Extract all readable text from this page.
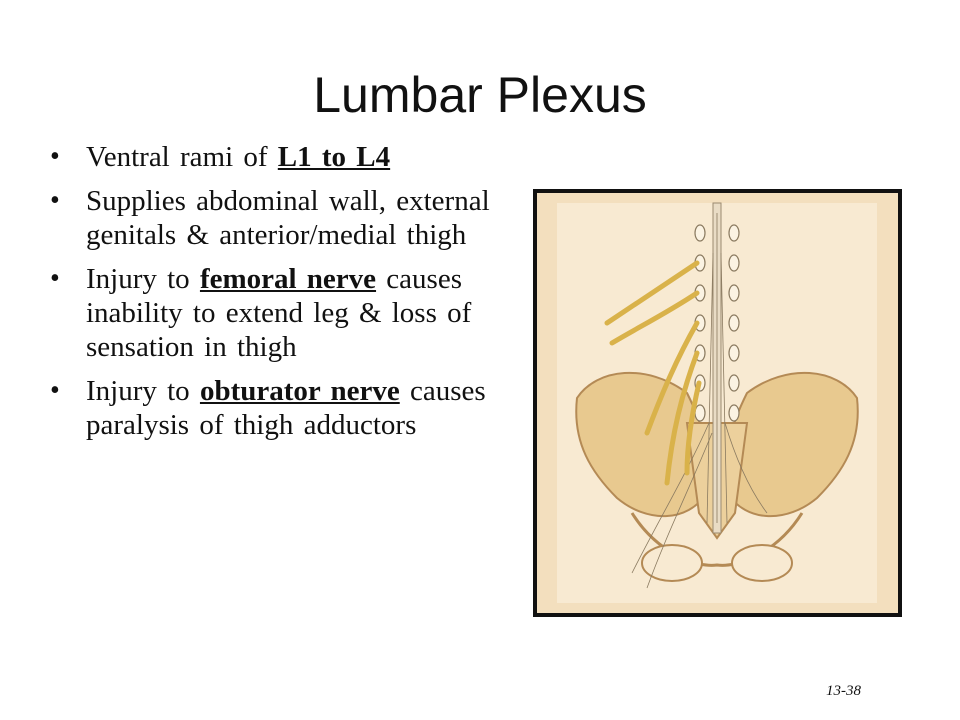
Lumbar Plexus
• Ventral rami of L1 to L4
• Supplies abdominal wall, external genitals & anterior/medial thigh
• Injury to femoral nerve causes inability to extend leg & loss of sensation in thigh
• Injury to obturator nerve causes paralysis of thigh adductors
13-38
